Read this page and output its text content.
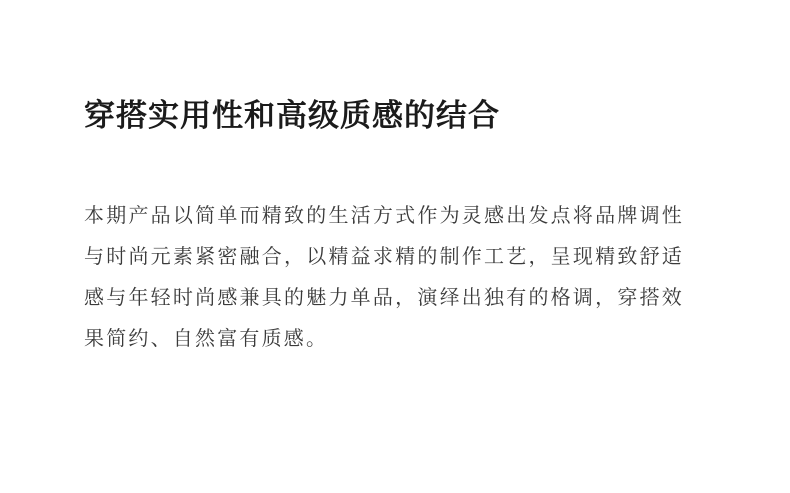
穿搭实用性和高级质感的结合

本期产品以简单而精致的生活方式作为灵感出发点将品牌调性与时尚元素紧密融合，以精益求精的制作工艺，呈现精致舒适感与年轻时尚感兼具的魅力单品，演绎出独有的格调，穿搭效果简约、自然富有质感。
